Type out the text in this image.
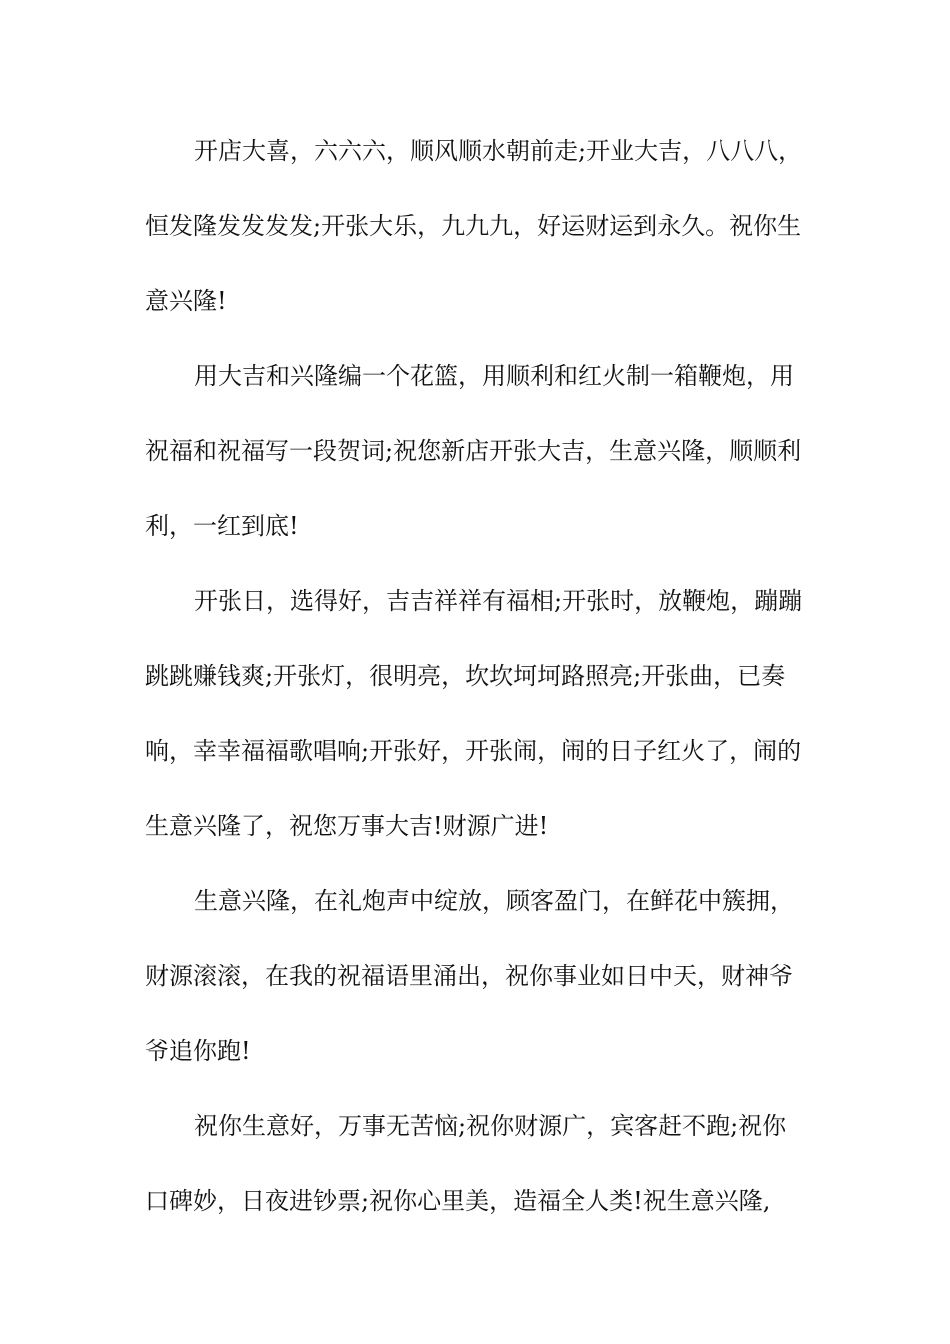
开店大喜，六六六，顺风顺水朝前走;开业大吉，八八八，
恒发隆发发发发;开张大乐，九九九，好运财运到永久。祝你生
意兴隆!
用大吉和兴隆编一个花篮，用顺利和红火制一箱鞭炮，用
祝福和祝福写一段贺词;祝您新店开张大吉，生意兴隆，顺顺利
利，一红到底!
开张日，选得好，吉吉祥祥有福相;开张时，放鞭炮，蹦蹦
跳跳赚钱爽;开张灯，很明亮，坎坎坷坷路照亮;开张曲，已奏
响，幸幸福福歌唱响;开张好，开张闹，闹的日子红火了，闹的
生意兴隆了，祝您万事大吉!财源广进!
生意兴隆，在礼炮声中绽放，顾客盈门，在鲜花中簇拥，
财源滚滚，在我的祝福语里涌出，祝你事业如日中天，财神爷
爷追你跑!
祝你生意好，万事无苦恼;祝你财源广，宾客赶不跑;祝你
口碑妙，日夜进钞票;祝你心里美，造福全人类!祝生意兴隆,
